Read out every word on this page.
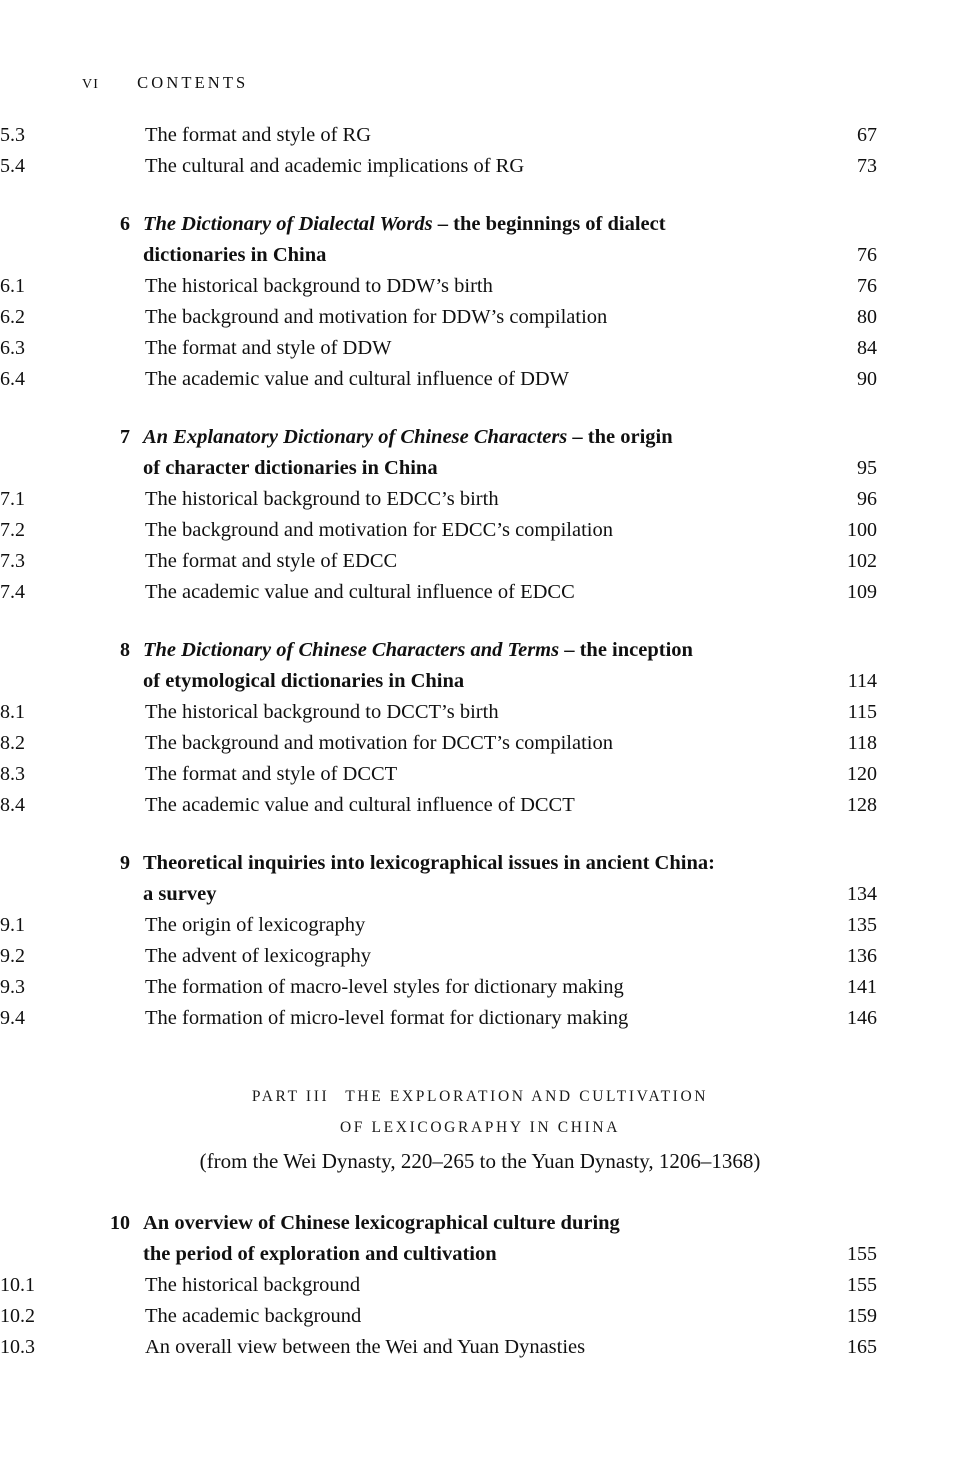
vi CONTENTS
5.3	The format and style of RG	67
5.4	The cultural and academic implications of RG	73
6 The Dictionary of Dialectal Words – the beginnings of dialect
dictionaries in China	76
6.1	The historical background to DDW’s birth	76
6.2	The background and motivation for DDW’s compilation	80
6.3	The format and style of DDW	84
6.4	The academic value and cultural influence of DDW	90
7 An Explanatory Dictionary of Chinese Characters – the origin
of character dictionaries in China	95
7.1	The historical background to EDCC’s birth	96
7.2	The background and motivation for EDCC’s compilation	100
7.3	The format and style of EDCC	102
7.4	The academic value and cultural influence of EDCC	109
8 The Dictionary of Chinese Characters and Terms – the inception
of etymological dictionaries in China	114
8.1	The historical background to DCCT’s birth	115
8.2	The background and motivation for DCCT’s compilation	118
8.3	The format and style of DCCT	120
8.4	The academic value and cultural influence of DCCT	128
9 Theoretical inquiries into lexicographical issues in ancient China:
a survey	134
9.1	The origin of lexicography	135
9.2	The advent of lexicography	136
9.3	The formation of macro-level styles for dictionary making	141
9.4	The formation of micro-level format for dictionary making	146
PART III THE EXPLORATION AND CULTIVATION
OF LEXICOGRAPHY IN CHINA
(from the Wei Dynasty, 220–265 to the Yuan Dynasty, 1206–1368)
10 An overview of Chinese lexicographical culture during
the period of exploration and cultivation	155
10.1	The historical background	155
10.2	The academic background	159
10.3	An overall view between the Wei and Yuan Dynasties	165
